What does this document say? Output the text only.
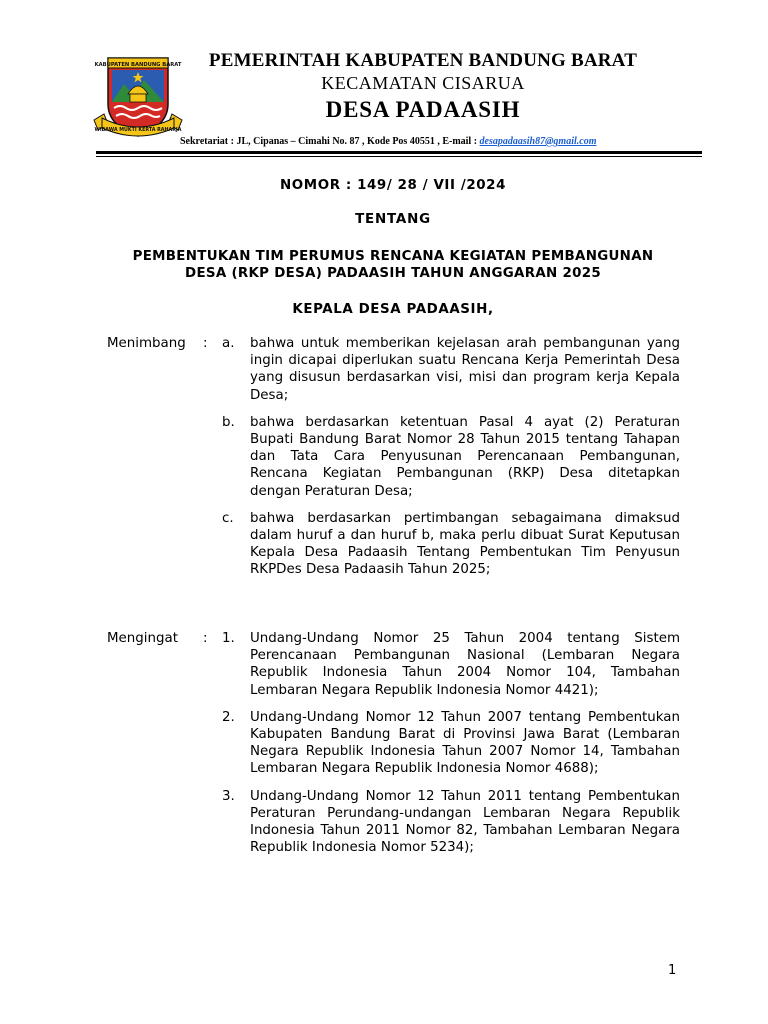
KABUPATEN BANDUNG BARAT
WIBAWA MUKTI KERTA RAHARJA
PEMERINTAH KABUPATEN BANDUNG BARAT
KECAMATAN CISARUA
DESA PADAASIH
Sekretariat : JL, Cipanas – Cimahi No. 87 , Kode Pos 40551 , E-mail : desapadaasih87@gmail.com
NOMOR : 149/ 28 / VII /2024
TENTANG
PEMBENTUKAN TIM PERUMUS RENCANA KEGIATAN PEMBANGUNAN
DESA (RKP DESA) PADAASIH TAHUN ANGGARAN 2025
KEPALA DESA PADAASIH,
Menimbang	: a.	bahwa untuk memberikan kejelasan arah pembangunan yang ingin dicapai diperlukan suatu Rencana Kerja Pemerintah Desa yang disusun berdasarkan visi, misi dan program kerja Kepala Desa;
b.	bahwa berdasarkan ketentuan Pasal 4 ayat (2) Peraturan Bupati Bandung Barat Nomor 28 Tahun 2015 tentang Tahapan dan Tata Cara Penyusunan Perencanaan Pembangunan, Rencana Kegiatan Pembangunan (RKP) Desa ditetapkan dengan Peraturan Desa;
c.	bahwa berdasarkan pertimbangan sebagaimana dimaksud dalam huruf a dan huruf b, maka perlu dibuat Surat Keputusan Kepala Desa Padaasih Tentang Pembentukan Tim Penyusun RKPDes Desa Padaasih Tahun 2025;
Mengingat	: 1.	Undang-Undang Nomor 25 Tahun 2004 tentang Sistem Perencanaan Pembangunan Nasional (Lembaran Negara Republik Indonesia Tahun 2004 Nomor 104, Tambahan Lembaran Negara Republik Indonesia Nomor 4421);
2.	Undang-Undang Nomor 12 Tahun 2007 tentang Pembentukan Kabupaten Bandung Barat di Provinsi Jawa Barat (Lembaran Negara Republik Indonesia Tahun 2007 Nomor 14, Tambahan Lembaran Negara Republik Indonesia Nomor 4688);
3.	Undang-Undang Nomor 12 Tahun 2011 tentang Pembentukan Peraturan Perundang-undangan Lembaran Negara Republik Indonesia Tahun 2011 Nomor 82, Tambahan Lembaran Negara Republik Indonesia Nomor 5234);
1
